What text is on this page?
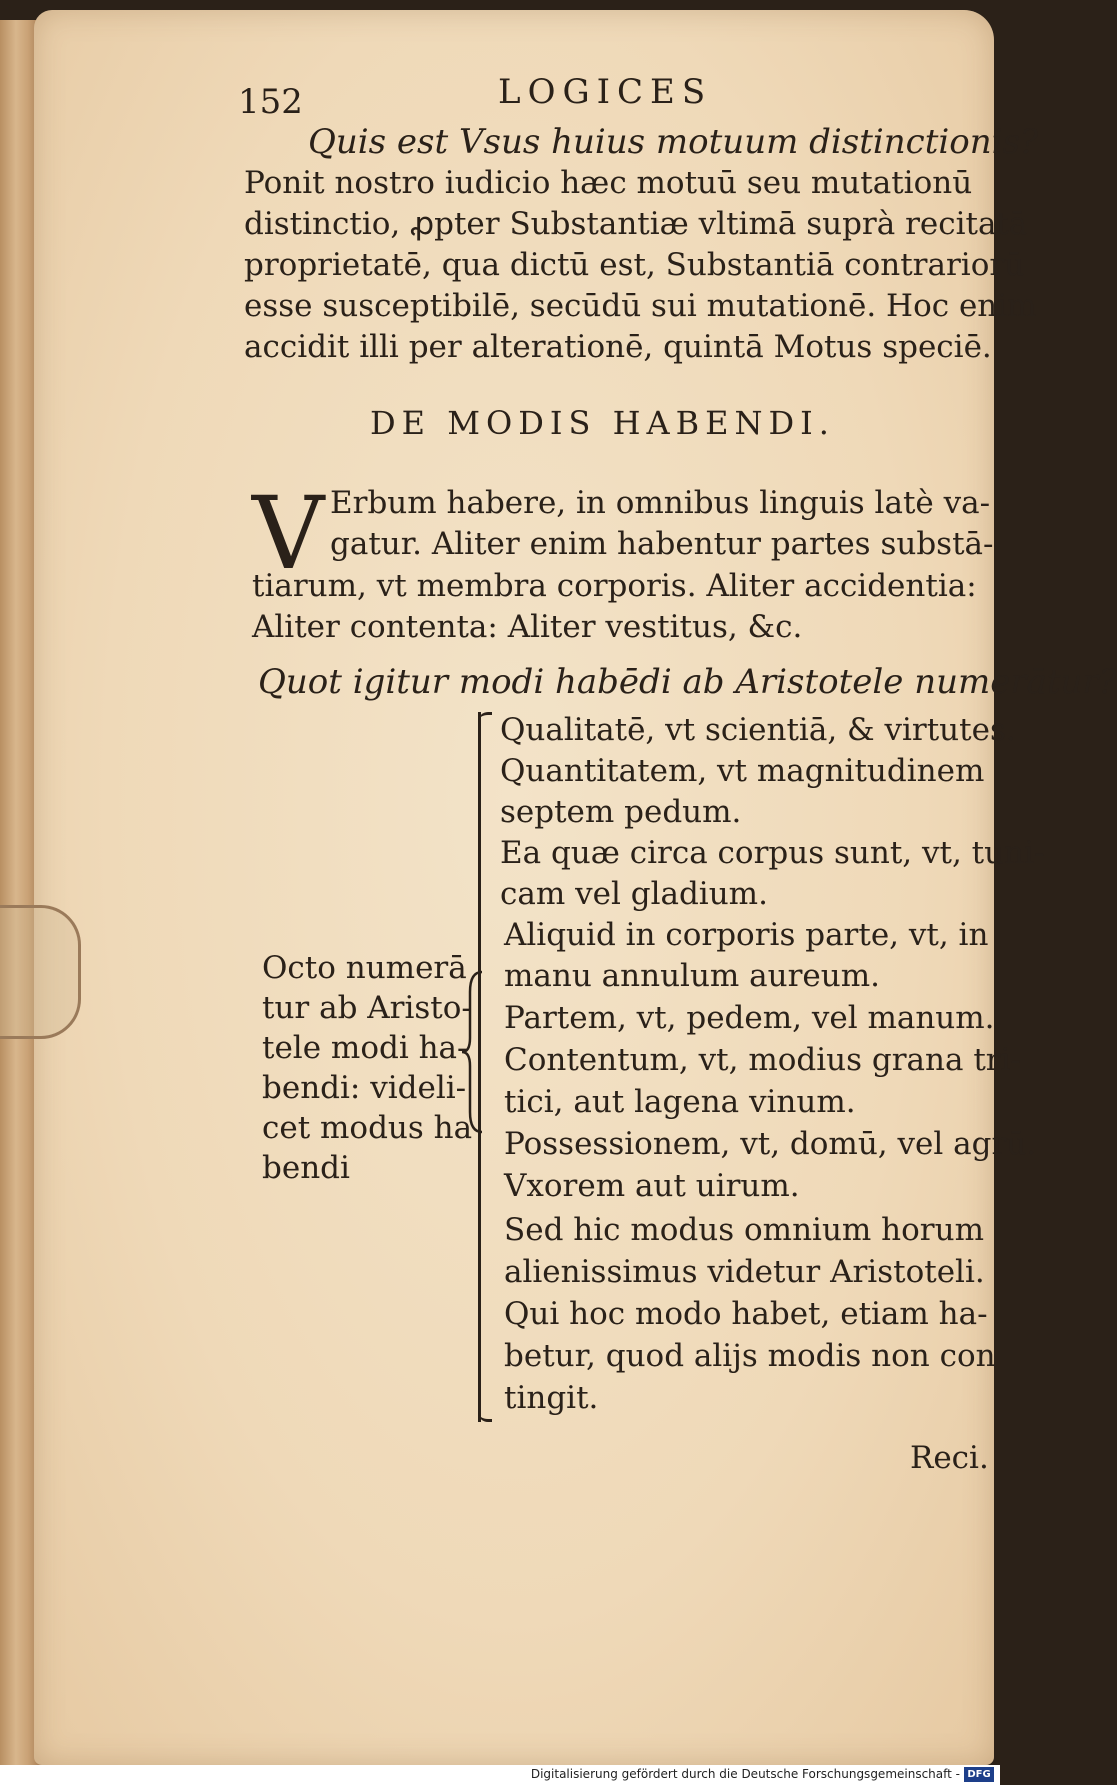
152	LOGICES
Quis est Vsus huius motuum distinctionis?
Ponit nostro iudicio hæc motuū seu mutationū
distinctio, ꝓpter Substantiæ vltimā suprà recitatā
proprietatē, qua dictū est, Substantiā contrariorū
esse susceptibilē, secūdū sui mutationē. Hoc enim
accidit illi per alterationē, quintā Motus speciē.
DE MODIS HABENDI.
V Erbum habere, in omnibus linguis latè va-
gatur. Aliter enim habentur partes substā-
tiarum, vt membra corporis. Aliter accidentia:
Aliter contenta: Aliter vestitus, &c.
Quot igitur modi habēdi ab Aristotele numerātur?
Octo numerā
tur ab Aristo-
tele modi ha-
bendi: videli-
cet modus ha
bendi
Qualitatē, vt scientiā, & virtutes.
Quantitatem, vt magnitudinem
septem pedum.
Ea quæ circa corpus sunt, vt, tuni-
cam vel gladium.
Aliquid in corporis parte, vt, in
manu annulum aureum.
Partem, vt, pedem, vel manum.
Contentum, vt, modius grana tri-
tici, aut lagena vinum.
Possessionem, vt, domū, vel agrū.
Vxorem aut uirum.
Sed hic modus omnium horum
alienissimus videtur Aristoteli.
Qui hoc modo habet, etiam ha-
betur, quod alijs modis non con
tingit.
Reci.
Digitalisierung gefördert durch die Deutsche Forschungsgemeinschaft - DFG
